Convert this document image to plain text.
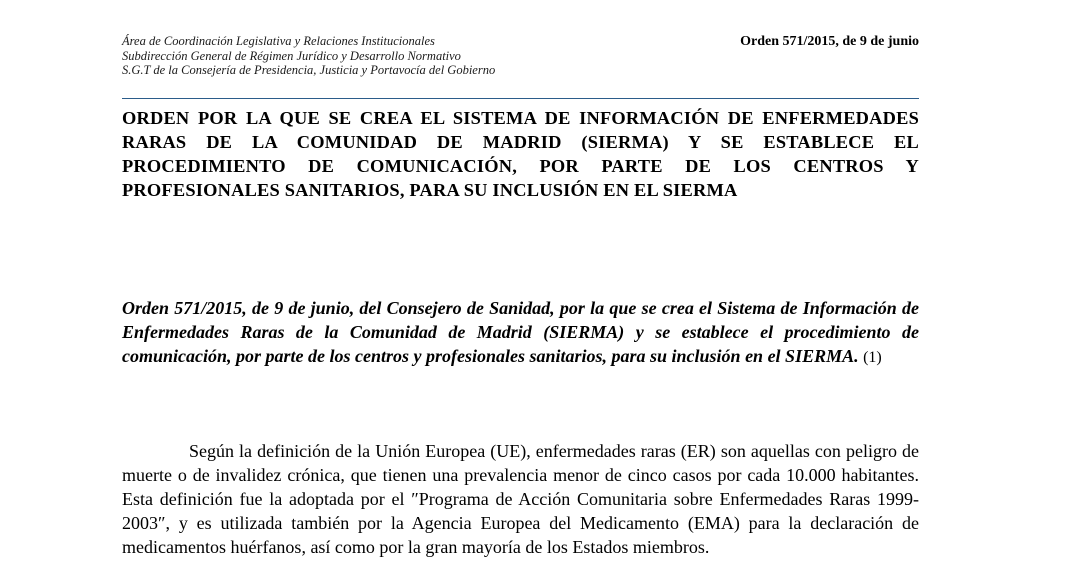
Área de Coordinación Legislativa y Relaciones Institucionales
Subdirección General de Régimen Jurídico y Desarrollo Normativo
S.G.T de la Consejería de Presidencia, Justicia y Portavocía del Gobierno
Orden 571/2015, de 9 de junio
ORDEN POR LA QUE SE CREA EL SISTEMA DE INFORMACIÓN DE ENFERMEDADES RARAS DE LA COMUNIDAD DE MADRID (SIERMA) Y SE ESTABLECE EL PROCEDIMIENTO DE COMUNICACIÓN, POR PARTE DE LOS CENTROS Y PROFESIONALES SANITARIOS, PARA SU INCLUSIÓN EN EL SIERMA

Orden 571/2015, de 9 de junio, del Consejero de Sanidad, por la que se crea el Sistema de Información de Enfermedades Raras de la Comunidad de Madrid (SIERMA) y se establece el procedimiento de comunicación, por parte de los centros y profesionales sanitarios, para su inclusión en el SIERMA. (1)

Según la definición de la Unión Europea (UE), enfermedades raras (ER) son aquellas con peligro de muerte o de invalidez crónica, que tienen una prevalencia menor de cinco casos por cada 10.000 habitantes. Esta definición fue la adoptada por el ″Programa de Acción Comunitaria sobre Enfermedades Raras 1999-2003″, y es utilizada también por la Agencia Europea del Medicamento (EMA) para la declaración de medicamentos huérfanos, así como por la gran mayoría de los Estados miembros.
